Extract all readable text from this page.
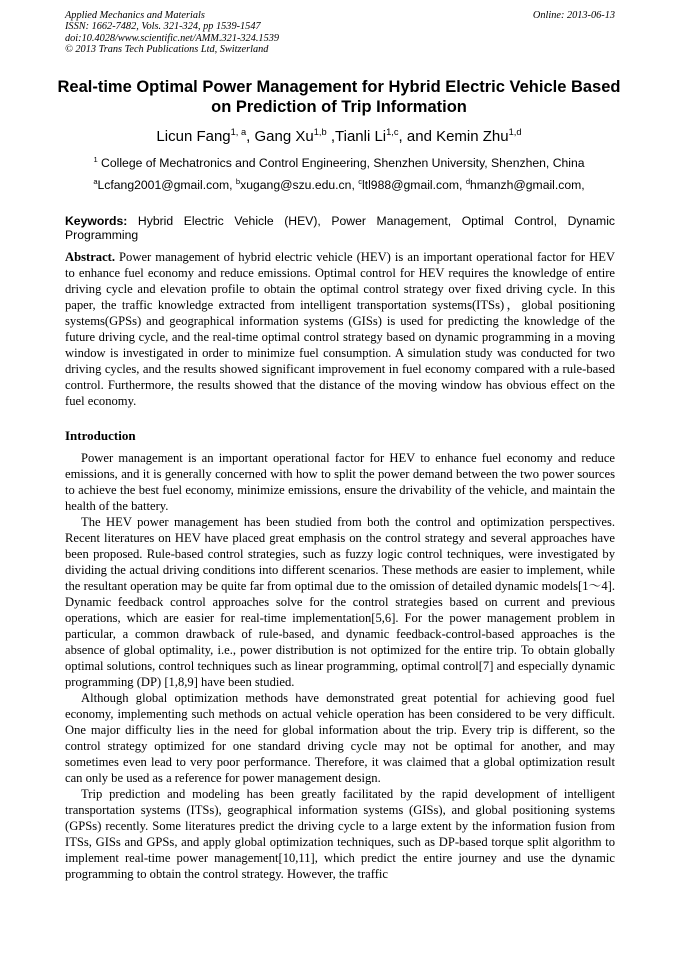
Applied Mechanics and Materials	Online: 2013-06-13
ISSN: 1662-7482, Vols. 321-324, pp 1539-1547
doi:10.4028/www.scientific.net/AMM.321-324.1539
© 2013 Trans Tech Publications Ltd, Switzerland
Real-time Optimal Power Management for Hybrid Electric Vehicle Based on Prediction of Trip Information
Licun Fang$^{1, a}$, Gang Xu$^{1,b}$ ,Tianli Li$^{1,c}$, and Kemin Zhu$^{1,d}$
$^1$ College of Mechatronics and Control Engineering, Shenzhen University, Shenzhen, China
$^a$Lcfang2001@gmail.com, $^b$xugang@szu.edu.cn, $^c$ltl988@gmail.com, $^d$hmanzh@gmail.com,
Keywords: Hybrid Electric Vehicle (HEV), Power Management, Optimal Control, Dynamic Programming
Abstract. Power management of hybrid electric vehicle (HEV) is an important operational factor for HEV to enhance fuel economy and reduce emissions. Optimal control for HEV requires the knowledge of entire driving cycle and elevation profile to obtain the optimal control strategy over fixed driving cycle. In this paper, the traffic knowledge extracted from intelligent transportation systems(ITSs)，global positioning systems(GPSs) and geographical information systems (GISs) is used for predicting the knowledge of the future driving cycle, and the real-time optimal control strategy based on dynamic programming in a moving window is investigated in order to minimize fuel consumption. A simulation study was conducted for two driving cycles, and the results showed significant improvement in fuel economy compared with a rule-based control. Furthermore, the results showed that the distance of the moving window has obvious effect on the fuel economy.
Introduction

Power management is an important operational factor for HEV to enhance fuel economy and reduce emissions, and it is generally concerned with how to split the power demand between the two power sources to achieve the best fuel economy, minimize emissions, ensure the drivability of the vehicle, and maintain the health of the battery.

The HEV power management has been studied from both the control and optimization perspectives. Recent literatures on HEV have placed great emphasis on the control strategy and several approaches have been proposed. Rule-based control strategies, such as fuzzy logic control techniques, were investigated by dividing the actual driving conditions into different scenarios. These methods are easier to implement, while the resultant operation may be quite far from optimal due to the omission of detailed dynamic models[1～4]. Dynamic feedback control approaches solve for the control strategies based on current and previous operations, which are easier for real-time implementation[5,6]. For the power management problem in particular, a common drawback of rule-based, and dynamic feedback-control-based approaches is the absence of global optimality, i.e., power distribution is not optimized for the entire trip. To obtain globally optimal solutions, control techniques such as linear programming, optimal control[7] and especially dynamic programming (DP) [1,8,9] have been studied.

Although global optimization methods have demonstrated great potential for achieving good fuel economy, implementing such methods on actual vehicle operation has been considered to be very difficult. One major difficulty lies in the need for global information about the trip. Every trip is different, so the control strategy optimized for one standard driving cycle may not be optimal for another, and may sometimes even lead to very poor performance. Therefore, it was claimed that a global optimization result can only be used as a reference for power management design.

Trip prediction and modeling has been greatly facilitated by the rapid development of intelligent transportation systems (ITSs), geographical information systems (GISs), and global positioning systems (GPSs) recently. Some literatures predict the driving cycle to a large extent by the information fusion from ITSs, GISs and GPSs, and apply global optimization techniques, such as DP-based torque split algorithm to implement real-time power management[10,11], which predict the entire journey and use the dynamic programming to obtain the control strategy. However, the traffic
